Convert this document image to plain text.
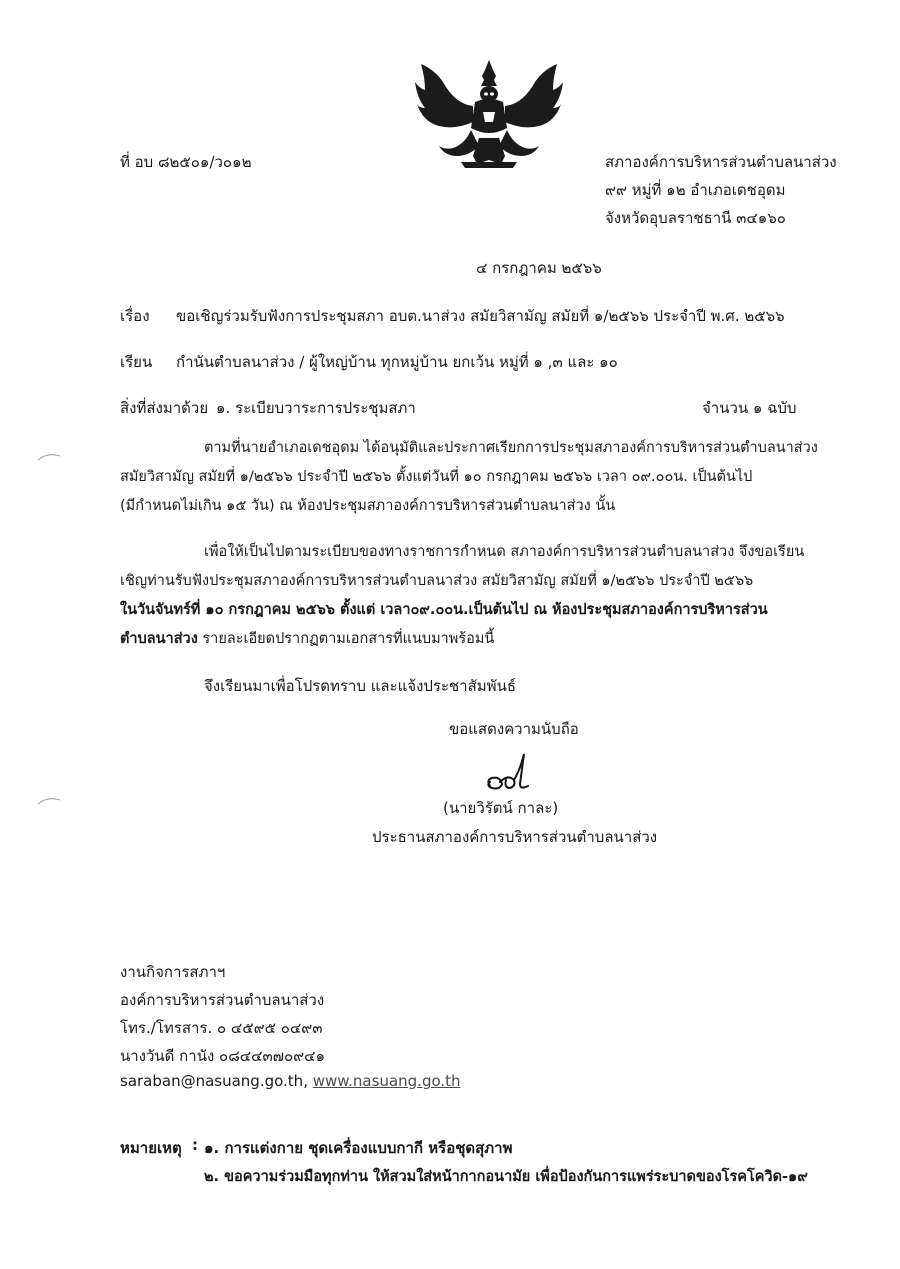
ที่ อบ ๘๒๕๐๑/ว๐๑๒	สภาองค์การบริหารส่วนตำบลนาส่วง
๙๙ หมู่ที่ ๑๒ อำเภอเดชอุดม
จังหวัดอุบลราชธานี ๓๔๑๖๐
๔ กรกฎาคม ๒๕๖๖
เรื่อง ขอเชิญร่วมรับฟังการประชุมสภา อบต.นาส่วง สมัยวิสามัญ สมัยที่ ๑/๒๕๖๖ ประจำปี พ.ศ. ๒๕๖๖
เรียน กำนันตำบลนาส่วง / ผู้ใหญ่บ้าน ทุกหมู่บ้าน ยกเว้น หมู่ที่ ๑ ,๓ และ ๑๐
สิ่งที่ส่งมาด้วย ๑. ระเบียบวาระการประชุมสภา	จำนวน ๑ ฉบับ
ตามที่นายอำเภอเดชอุดม ได้อนุมัติและประกาศเรียกการประชุมสภาองค์การบริหารส่วนตำบลนาส่วง
สมัยวิสามัญ สมัยที่ ๑/๒๕๖๖ ประจำปี ๒๕๖๖ ตั้งแต่วันที่ ๑๐ กรกฎาคม ๒๕๖๖ เวลา ๐๙.๐๐น. เป็นต้นไป
(มีกำหนดไม่เกิน ๑๕ วัน) ณ ห้องประชุมสภาองค์การบริหารส่วนตำบลนาส่วง นั้น
เพื่อให้เป็นไปตามระเบียบของทางราชการกำหนด สภาองค์การบริหารส่วนตำบลนาส่วง จึงขอเรียน
เชิญท่านรับฟังประชุมสภาองค์การบริหารส่วนตำบลนาส่วง สมัยวิสามัญ สมัยที่ ๑/๒๕๖๖ ประจำปี ๒๕๖๖
ในวันจันทร์ที่ ๑๐ กรกฎาคม ๒๕๖๖ ตั้งแต่ เวลา๐๙.๐๐น.เป็นต้นไป ณ ห้องประชุมสภาองค์การบริหารส่วน
ตำบลนาส่วง รายละเอียดปรากฏตามเอกสารที่แนบมาพร้อมนี้
จึงเรียนมาเพื่อโปรดทราบ และแจ้งประชาสัมพันธ์
ขอแสดงความนับถือ
(นายวิรัตน์ กาละ)
ประธานสภาองค์การบริหารส่วนตำบลนาส่วง
งานกิจการสภาฯ
องค์การบริหารส่วนตำบลนาส่วง
โทร./โทรสาร. ๐ ๔๕๙๕ ๐๔๙๓
นางวันดี กานัง ๐๘๔๔๓๗๐๙๔๑
saraban@nasuang.go.th, www.nasuang.go.th
หมายเหตุ : ๑. การแต่งกาย ชุดเครื่องแบบกากี หรือชุดสุภาพ
๒. ขอความร่วมมือทุกท่าน ให้สวมใส่หน้ากากอนามัย เพื่อป้องกันการแพร่ระบาดของโรคโควิด-๑๙
